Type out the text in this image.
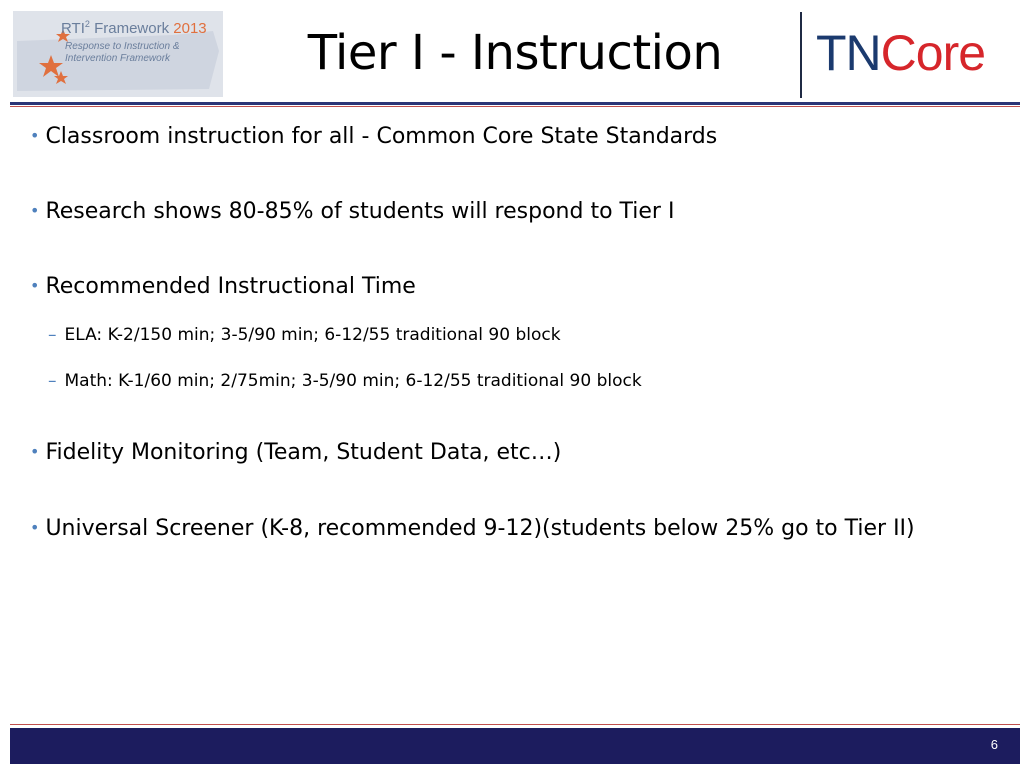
RTI$^2$ Framework 2013
Response to Instruction &
Intervention Framework	Tier I - Instruction	TNCore
• Classroom instruction for all - Common Core State Standards
• Research shows 80-85% of students will respond to Tier I
• Recommended Instructional Time
– ELA: K-2/150 min; 3-5/90 min; 6-12/55 traditional 90 block
– Math: K-1/60 min; 2/75min; 3-5/90 min; 6-12/55 traditional 90 block
• Fidelity Monitoring (Team, Student Data, etc…)
• Universal Screener (K-8, recommended 9-12)(students below 25% go to Tier II)
6
